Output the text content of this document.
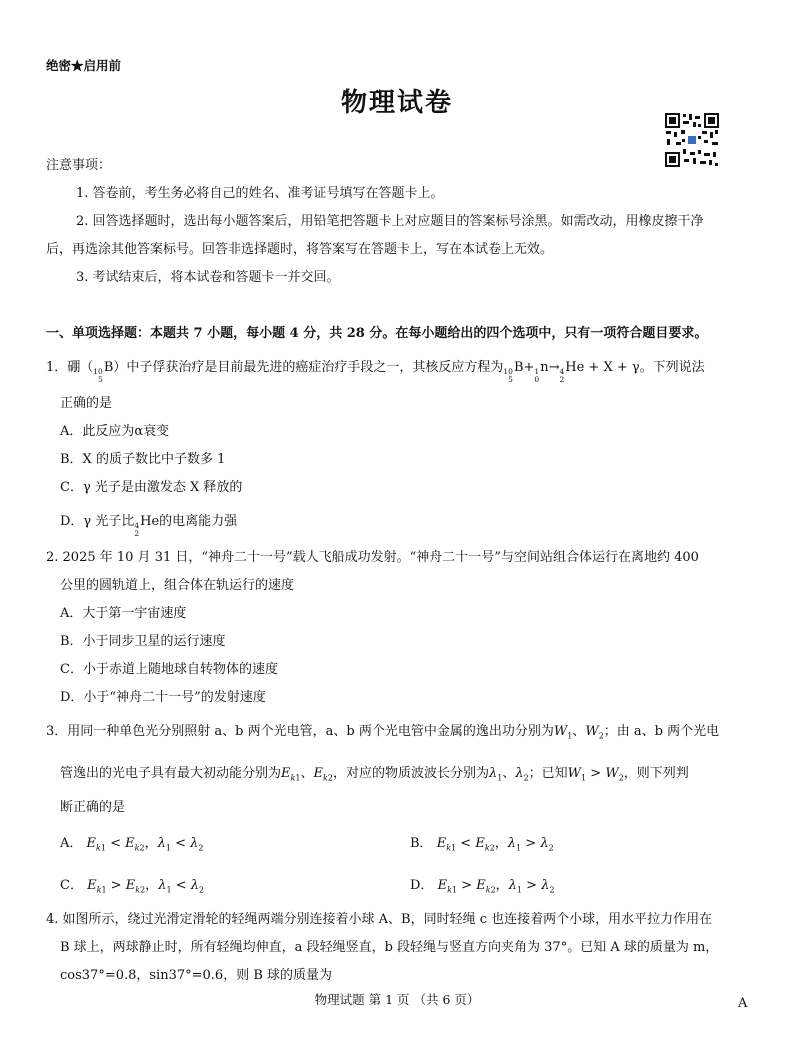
绝密★启用前
物理试卷
注意事项：
1. 答卷前，考生务必将自己的姓名、准考证号填写在答题卡上。
2. 回答选择题时，选出每小题答案后，用铅笔把答题卡上对应题目的答案标号涂黑。如需改动，用橡皮擦干净
后，再选涂其他答案标号。回答非选择题时，将答案写在答题卡上，写在本试卷上无效。
3. 考试结束后，将本试卷和答题卡一并交回。
一、单项选择题：本题共 7 小题，每小题 4 分，共 28 分。在每小题给出的四个选项中，只有一项符合题目要求。
1．硼（ 10
5
B）中子俘获治疗是目前最先进的癌症治疗手段之一，其核反应方程为 10
5
B+ 1
0
n→ 4
2
He + X + γ。下列说法
正确的是
A．此反应为α衰变
B．X 的质子数比中子数多 1
C．γ 光子是由激发态 X 释放的
D．γ 光子比 4
2
He的电离能力强
2. 2025 年 10 月 31 日，“神舟二十一号”载人飞船成功发射。“神舟二十一号”与空间站组合体运行在离地约 400
公里的圆轨道上，组合体在轨运行的速度
A．大于第一宇宙速度
B．小于同步卫星的运行速度
C．小于赤道上随地球自转物体的速度
D．小于“神舟二十一号”的发射速度
3．用同一种单色光分别照射 a、b 两个光电管，a、b 两个光电管中金属的逸出功分别为$W_1$、$W_2$；由 a、b 两个光电
管逸出的光电子具有最大初动能分别为$E_{k1}$、$E_{k2}$，对应的物质波波长分别为$\lambda_1$、$\lambda_2$；已知$W_1 > W_2$，则下列判
断正确的是
A． $E_{k1} < E_{k2}$，$\lambda_1 < \lambda_2$	B． $E_{k1} < E_{k2}$，$\lambda_1 > \lambda_2$
C． $E_{k1} > E_{k2}$，$\lambda_1 < \lambda_2$	D． $E_{k1} > E_{k2}$，$\lambda_1 > \lambda_2$
4. 如图所示，绕过光滑定滑轮的轻绳两端分别连接着小球 A、B，同时轻绳 c 也连接着两个小球，用水平拉力作用在
B 球上，两球静止时，所有轻绳均伸直，a 段轻绳竖直，b 段轻绳与竖直方向夹角为 37°。已知 A 球的质量为 m，
cos37°=0.8，sin37°=0.6，则 B 球的质量为
物理试题 第 1 页 （共 6 页）	A
